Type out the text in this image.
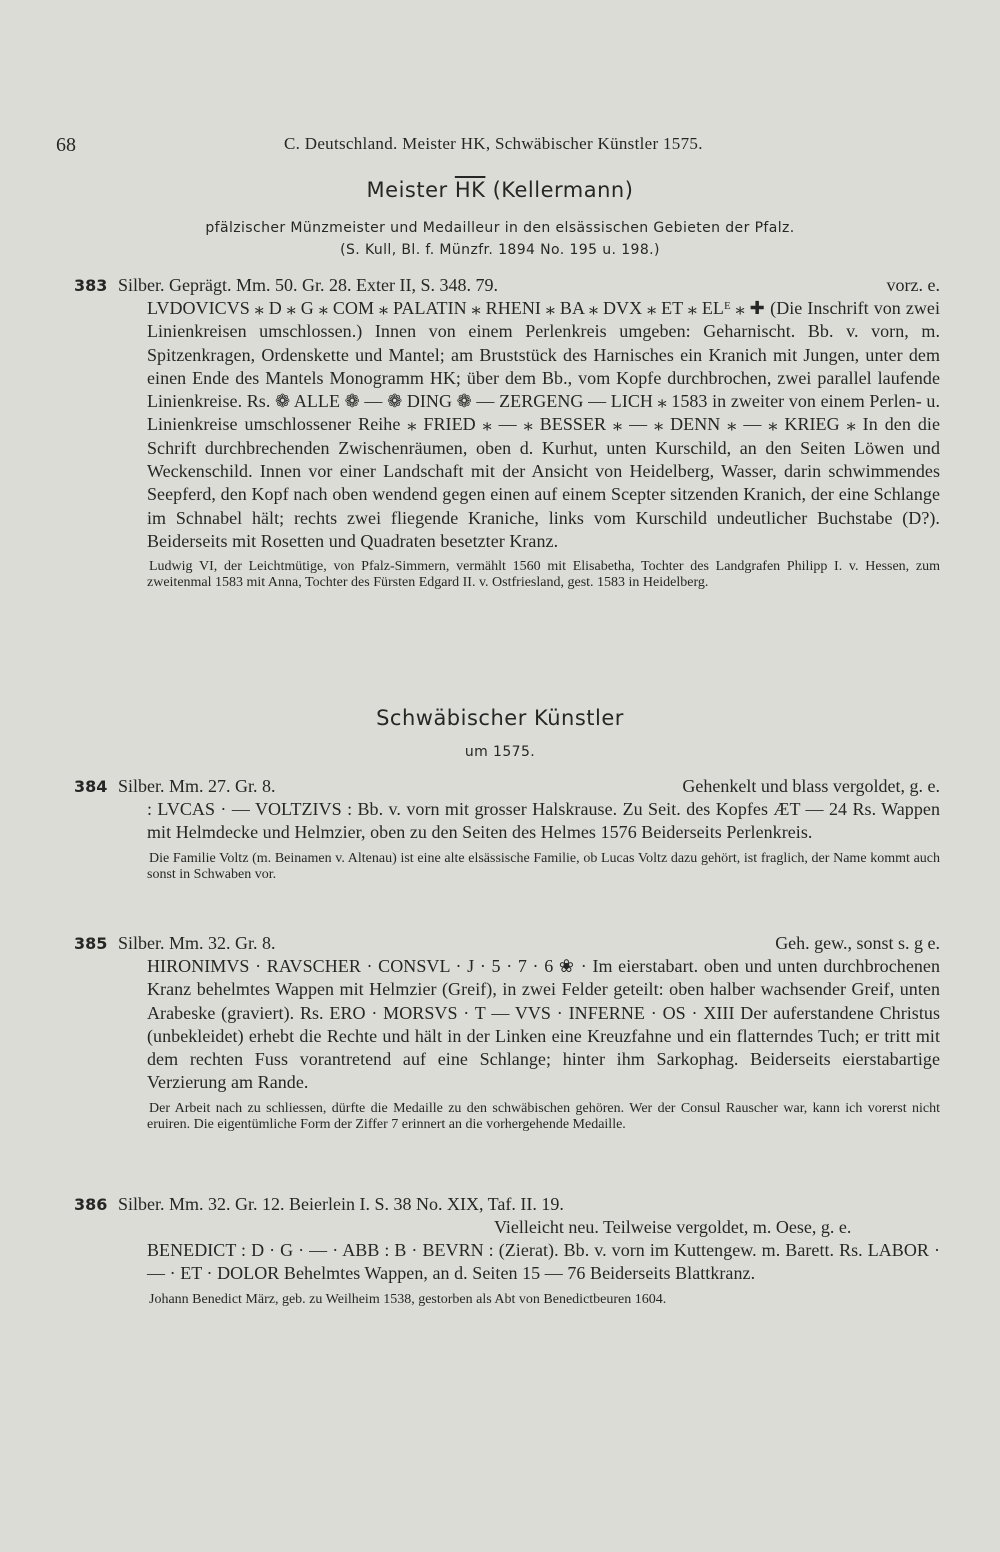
68	C. Deutschland. Meister HK, Schwäbischer Künstler 1575.
Meister $\overline{HK}$ (Kellermann)
pfälzischer Münzmeister und Medailleur in den elsässischen Gebieten der Pfalz.
(S. Kull, Bl. f. Münzfr. 1894 No. 195 u. 198.)
383 Silber. Geprägt. Mm. 50. Gr. 28. Exter II, S. 348. 79.	vorz. e.

LVDOVICVS ⁎ D ⁎ G ⁎ COM ⁎ PALATIN ⁎ RHENI ⁎ BA ⁎ DVX ⁎ ET ⁎ ELᴱ ⁎ ✚ (Die Inschrift von zwei Linienkreisen umschlossen.) Innen von einem Perlenkreis umgeben: Geharnischt. Bb. v. vorn, m. Spitzenkragen, Ordenskette und Mantel; am Bruststück des Harnisches ein Kranich mit Jungen, unter dem einen Ende des Mantels Monogramm HK; über dem Bb., vom Kopfe durchbrochen, zwei parallel laufende Linienkreise. Rs. ❁ ALLE ❁ — ❁ DING ❁ — ZERGENG — LICH ⁎ 1583 in zweiter von einem Perlen- u. Linienkreise umschlossener Reihe ⁎ FRIED ⁎ — ⁎ BESSER ⁎ — ⁎ DENN ⁎ — ⁎ KRIEG ⁎ In den die Schrift durchbrechenden Zwischenräumen, oben d. Kurhut, unten Kurschild, an den Seiten Löwen und Weckenschild. Innen vor einer Landschaft mit der Ansicht von Heidelberg, Wasser, darin schwimmendes Seepferd, den Kopf nach oben wendend gegen einen auf einem Scepter sitzenden Kranich, der eine Schlange im Schnabel hält; rechts zwei fliegende Kraniche, links vom Kurschild undeutlicher Buchstabe (D?). Beiderseits mit Rosetten und Quadraten besetzter Kranz.

Ludwig VI, der Leichtmütige, von Pfalz-Simmern, vermählt 1560 mit Elisabetha, Tochter des Landgrafen Philipp I. v. Hessen, zum zweitenmal 1583 mit Anna, Tochter des Fürsten Edgard II. v. Ostfriesland, gest. 1583 in Heidelberg.

Schwäbischer Künstler
um 1575.
384 Silber. Mm. 27. Gr. 8.	Gehenkelt und blass vergoldet, g. e.

: LVCAS · — VOLTZIVS : Bb. v. vorn mit grosser Halskrause. Zu Seit. des Kopfes ÆT — 24 Rs. Wappen mit Helmdecke und Helmzier, oben zu den Seiten des Helmes 1576 Beiderseits Perlenkreis.

Die Familie Voltz (m. Beinamen v. Altenau) ist eine alte elsässische Familie, ob Lucas Voltz dazu gehört, ist fraglich, der Name kommt auch sonst in Schwaben vor.

385 Silber. Mm. 32. Gr. 8.	Geh. gew., sonst s. g e.

HIRONIMVS · RAVSCHER · CONSVL · J · 5 · 7 · 6 ❀ · Im eierstabart. oben und unten durchbrochenen Kranz behelmtes Wappen mit Helmzier (Greif), in zwei Felder geteilt: oben halber wachsender Greif, unten Arabeske (graviert). Rs. ERO · MORSVS · T — VVS · INFERNE · OS · XIII Der auferstandene Christus (unbekleidet) erhebt die Rechte und hält in der Linken eine Kreuzfahne und ein flatterndes Tuch; er tritt mit dem rechten Fuss vorantretend auf eine Schlange; hinter ihm Sarkophag. Beiderseits eierstabartige Verzierung am Rande.

Der Arbeit nach zu schliessen, dürfte die Medaille zu den schwäbischen gehören. Wer der Consul Rauscher war, kann ich vorerst nicht eruiren. Die eigentümliche Form der Ziffer 7 erinnert an die vorhergehende Medaille.

386 Silber. Mm. 32. Gr. 12. Beierlein I. S. 38 No. XIX, Taf. II. 19.
Vielleicht neu. Teilweise vergoldet, m. Oese, g. e.

BENEDICT : D · G · — · ABB : B · BEVRN : (Zierat). Bb. v. vorn im Kuttengew. m. Barett. Rs. LABOR · — · ET · DOLOR Behelmtes Wappen, an d. Seiten 15 — 76 Beiderseits Blattkranz.

Johann Benedict März, geb. zu Weilheim 1538, gestorben als Abt von Benedictbeuren 1604.
